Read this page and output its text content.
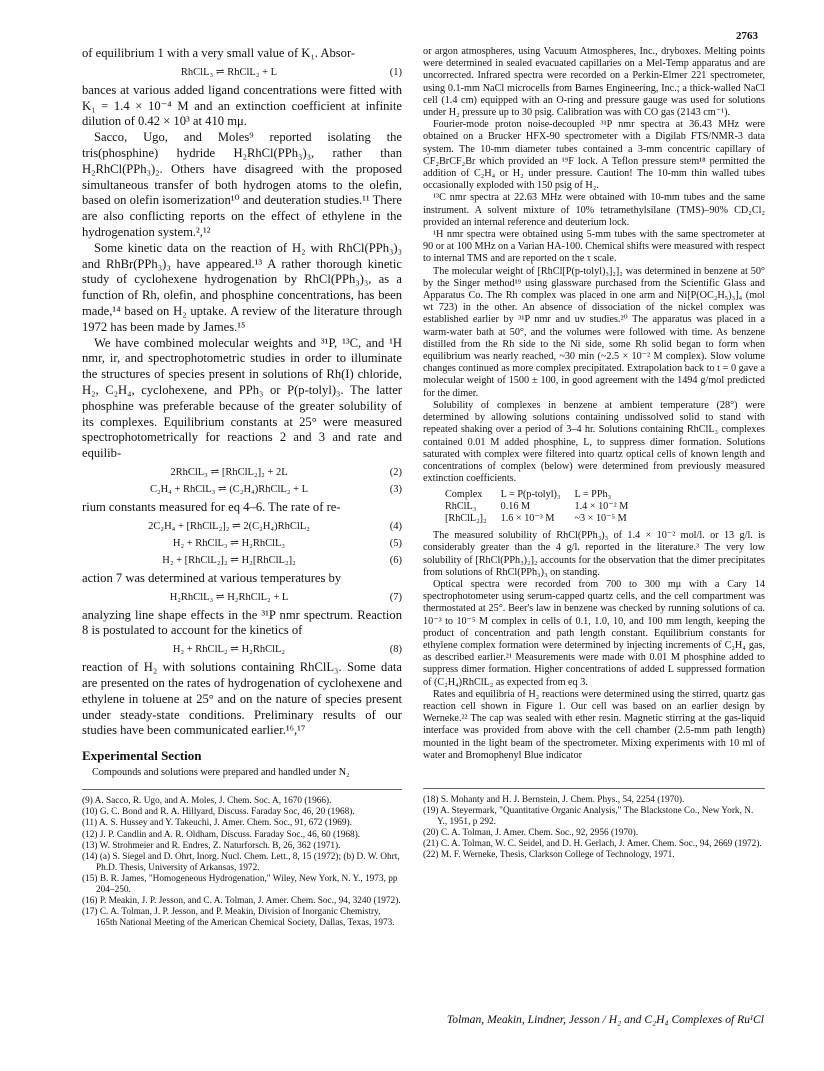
2763

of equilibrium 1 with a very small value of K₁. Absor-

RhClL₃ ⇌ RhClL₂ + L	(1)

bances at various added ligand concentrations were fitted with K₁ = 1.4 × 10⁻⁴ M and an extinction coefficient at infinite dilution of 0.42 × 10³ at 410 mμ.

Sacco, Ugo, and Moles⁹ reported isolating the tris(phosphine) hydride H₂RhCl(PPh₃)₃, rather than H₂RhCl(PPh₃)₂. Others have disagreed with the proposed simultaneous transfer of both hydrogen atoms to the olefin, based on olefin isomerization¹⁰ and deuteration studies.¹¹ There are also conflicting reports on the effect of ethylene in the hydrogenation system.²,¹²

Some kinetic data on the reaction of H₂ with RhCl(PPh₃)₃ and RhBr(PPh₃)₃ have appeared.¹³ A rather thorough kinetic study of cyclohexene hydrogenation by RhCl(PPh₃)₃, as a function of Rh, olefin, and phosphine concentrations, has been made,¹⁴ based on H₂ uptake. A review of the literature through 1972 has been made by James.¹⁵

We have combined molecular weights and ³¹P, ¹³C, and ¹H nmr, ir, and spectrophotometric studies in order to illuminate the structures of species present in solutions of Rh(I) chloride, H₂, C₂H₄, cyclohexene, and PPh₃ or P(p-tolyl)₃. The latter phosphine was preferable because of the greater solubility of its complexes. Equilibrium constants at 25° were measured spectrophotometrically for reactions 2 and 3 and rate and equilib-

2RhClL₃ ⇌ [RhClL₂]₂ + 2L	(2)
C₂H₄ + RhClL₃ ⇌ (C₂H₄)RhClL₂ + L	(3)

rium constants measured for eq 4–6. The rate of re-

2C₂H₄ + [RhClL₂]₂ ⇌ 2(C₂H₄)RhClL₂	(4)
H₂ + RhClL₃ ⇌ H₂RhClL₃	(5)
H₂ + [RhClL₂]₂ ⇌ H₂[RhClL₂]₂	(6)

action 7 was determined at various temperatures by

H₂RhClL₃ ⇌ H₂RhClL₂ + L	(7)

analyzing line shape effects in the ³¹P nmr spectrum. Reaction 8 is postulated to account for the kinetics of

H₂ + RhClL₂ ⇌ H₂RhClL₂	(8)

reaction of H₂ with solutions containing RhClL₃. Some data are presented on the rates of hydrogenation of cyclohexene and ethylene in toluene at 25° and on the nature of species present under steady-state conditions. Preliminary results of our studies have been communicated earlier.¹⁶,¹⁷

Experimental Section

Compounds and solutions were prepared and handled under N₂

(9) A. Sacco, R. Ugo, and A. Moles, J. Chem. Soc. A, 1670 (1966).

(10) G. C. Bond and R. A. Hillyard, Discuss. Faraday Soc, 46, 20 (1968).

(11) A. S. Hussey and Y. Takeuchi, J. Amer. Chem. Soc., 91, 672 (1969).

(12) J. P. Candlin and A. R. Oldham, Discuss. Faraday Soc., 46, 60 (1968).

(13) W. Strohmeier and R. Endres, Z. Naturforsch. B, 26, 362 (1971).

(14) (a) S. Siegel and D. Ohrt, Inorg. Nucl. Chem. Lett., 8, 15 (1972); (b) D. W. Ohrt, Ph.D. Thesis, University of Arkansas, 1972.

(15) B. R. James, "Homogeneous Hydrogenation," Wiley, New York, N. Y., 1973, pp 204–250.

(16) P. Meakin, J. P. Jesson, and C. A. Tolman, J. Amer. Chem. Soc., 94, 3240 (1972).

(17) C. A. Tolman, J. P. Jesson, and P. Meakin, Division of Inorganic Chemistry, 165th National Meeting of the American Chemical Society, Dallas, Texas, 1973.

or argon atmospheres, using Vacuum Atmospheres, Inc., dryboxes. Melting points were determined in sealed evacuated capillaries on a Mel-Temp apparatus and are uncorrected. Infrared spectra were recorded on a Perkin-Elmer 221 spectrometer, using 0.1-mm NaCl microcells from Barnes Engineering, Inc.; a thick-walled NaCl cell (1.4 cm) equipped with an O-ring and pressure gauge was used for solutions under H₂ pressure up to 30 psig. Calibration was with CO gas (2143 cm⁻¹).

Fourier-mode proton noise-decoupled ³¹P nmr spectra at 36.43 MHz were obtained on a Brucker HFX-90 spectrometer with a Digilab FTS/NMR-3 data system. The 10-mm diameter tubes contained a 3-mm concentric capillary of CF₂BrCF₂Br which provided an ¹⁹F lock. A Teflon pressure stem¹⁸ permitted the addition of C₂H₄ or H₂ under pressure. Caution! The 10-mm thin walled tubes occasionally exploded with 150 psig of H₂.

¹³C nmr spectra at 22.63 MHz were obtained with 10-mm tubes and the same instrument. A solvent mixture of 10% tetramethylsilane (TMS)–90% CD₂Cl₂ provided an internal reference and deuterium lock.

¹H nmr spectra were obtained using 5-mm tubes with the same spectrometer at 90 or at 100 MHz on a Varian HA-100. Chemical shifts were measured with respect to internal TMS and are reported on the τ scale.

The molecular weight of [RhCl[P(p-tolyl)₃]₂]₂ was determined in benzene at 50° by the Singer method¹⁹ using glassware purchased from the Scientific Glass and Apparatus Co. The Rh complex was placed in one arm and Ni[P(OC₂H₅)₃]₄ (mol wt 723) in the other. An absence of dissociation of the nickel complex was established earlier by ³¹P nmr and uv studies.²⁰ The apparatus was placed in a warm-water bath at 50°, and the volumes were followed with time. As benzene distilled from the Rh side to the Ni side, some Rh solid began to form when equilibrium was nearly reached, ~30 min (~2.5 × 10⁻² M complex). Slow volume changes continued as more complex precipitated. Extrapolation back to t = 0 gave a molecular weight of 1500 ± 100, in good agreement with the 1494 g/mol predicted for the dimer.

Solubility of complexes in benzene at ambient temperature (28°) were determined by allowing solutions containing undissolved solid to stand with repeated shaking over a period of 3–4 hr. Solutions containing RhClL₃ complexes contained 0.01 M added phosphine, L, to suppress dimer formation. Solutions saturated with complex were filtered into quartz optical cells of known length and concentrations of complex (below) were determined from previously measured extinction coefficients.

Complex	L = P(p-tolyl)₃	L = PPh₃
RhClL₃	0.16 M	1.4 × 10⁻² M
[RhClL₂]₂	1.6 × 10⁻³ M	~3 × 10⁻⁵ M

The measured solubility of RhCl(PPh₃)₃ of 1.4 × 10⁻² mol/l. or 13 g/l. is considerably greater than the 4 g/l. reported in the literature.³ The very low solubility of [RhCl(PPh₃)₂]₂ accounts for the observation that the dimer precipitates from solutions of RhCl(PPh₃)₃ on standing.

Optical spectra were recorded from 700 to 300 mμ with a Cary 14 spectrophotometer using serum-capped quartz cells, and the cell compartment was thermostated at 25°. Beer's law in benzene was checked by running solutions of ca. 10⁻³ to 10⁻⁵ M complex in cells of 0.1, 1.0, 10, and 100 mm length, keeping the product of concentration and path length constant. Equilibrium constants for ethylene complex formation were determined by injecting increments of C₂H₄ gas, as described earlier.²¹ Measurements were made with 0.01 M phosphine added to suppress dimer formation. Higher concentrations of added L suppressed formation of (C₂H₄)RhClL₂ as expected from eq 3.

Rates and equilibria of H₂ reactions were determined using the stirred, quartz gas reaction cell shown in Figure 1. Our cell was based on an earlier design by Werneke.²² The cap was sealed with ether resin. Magnetic stirring at the gas-liquid interface was provided from above with the cell chamber (2.5-mm path length) mounted in the light beam of the spectrometer. Mixing experiments with 10 ml of water and Bromophenyl Blue indicator

(18) S. Mohanty and H. J. Bernstein, J. Chem. Phys., 54, 2254 (1970).

(19) A. Steyermark, "Quantitative Organic Analysis," The Blackstone Co., New York, N. Y., 1951, p 292.

(20) C. A. Tolman, J. Amer. Chem. Soc., 92, 2956 (1970).

(21) C. A. Tolman, W. C. Seidel, and D. H. Gerlach, J. Amer. Chem. Soc., 94, 2669 (1972).

(22) M. F. Werneke, Thesis, Clarkson College of Technology, 1971.

Tolman, Meakin, Lindner, Jesson / H₂ and C₂H₄ Complexes of RuᴵCl
